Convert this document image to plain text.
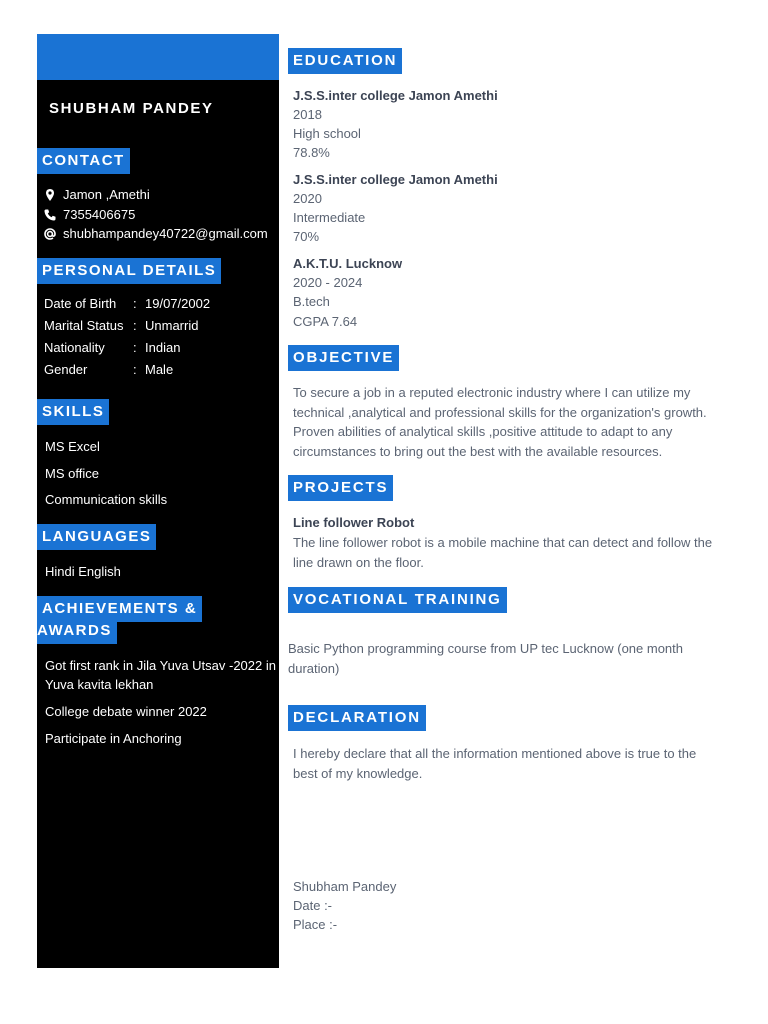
SHUBHAM PANDEY
CONTACT
Jamon ,Amethi
7355406675
shubhampandey40722@gmail.com
PERSONAL DETAILS
Date of Birth : 19/07/2002
Marital Status : Unmarrid
Nationality : Indian
Gender	: Male
SKILLS
MS Excel
MS office
Communication skills
LANGUAGES
Hindi English
ACHIEVEMENTS &
AWARDS
Got first rank in Jila Yuva Utsav -2022 in Yuva kavita lekhan
College debate winner 2022
Participate in Anchoring
EDUCATION
J.S.S.inter college Jamon Amethi
2018
High school
78.8%
J.S.S.inter college Jamon Amethi
2020
Intermediate
70%
A.K.T.U. Lucknow
2020 - 2024
B.tech
CGPA 7.64
OBJECTIVE
To secure a job in a reputed electronic industry where I can utilize my technical ,analytical and professional skills for the organization's growth. Proven abilities of analytical skills ,positive attitude to adapt to any circumstances to bring out the best with the available resources.
PROJECTS
Line follower Robot
The line follower robot is a mobile machine that can detect and follow the line drawn on the floor.
VOCATIONAL TRAINING
Basic Python programming course from UP tec Lucknow (one month duration)
DECLARATION
I hereby declare that all the information mentioned above is true to the best of my knowledge.
Shubham Pandey
Date :-
Place :-
